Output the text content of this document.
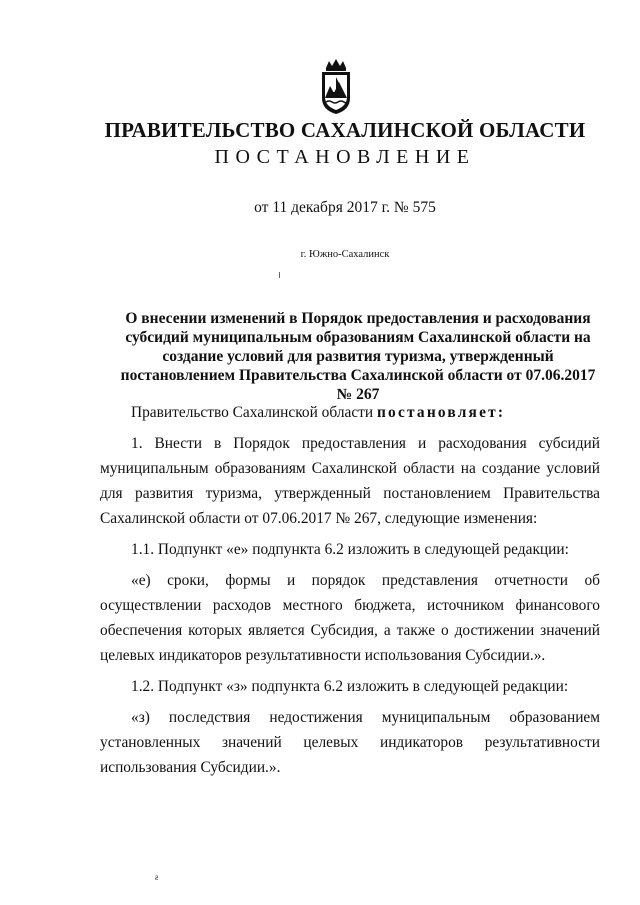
ПРАВИТЕЛЬСТВО САХАЛИНСКОЙ ОБЛАСТИ
ПОСТАНОВЛЕНИЕ
от 11 декабря 2017 г. № 575
г. Южно-Сахалинск
О внесении изменений в Порядок предоставления и расходования субсидий муниципальным образованиям Сахалинской области на создание условий для развития туризма, утвержденный постановлением Правительства Сахалинской области от 07.06.2017 № 267

Правительство Сахалинской области постановляет:

1. Внести в Порядок предоставления и расходования субсидий муниципальным образованиям Сахалинской области на создание условий для развития туризма, утвержденный постановлением Правительства Сахалинской области от 07.06.2017 № 267, следующие изменения:

1.1. Подпункт «е» подпункта 6.2 изложить в следующей редакции:

«е) сроки, формы и порядок представления отчетности об осуществлении расходов местного бюджета, источником финансового обеспечения которых является Субсидия, а также о достижении значений целевых индикаторов результативности использования Субсидии.».

1.2. Подпункт «з» подпункта 6.2 изложить в следующей редакции:

«з) последствия недостижения муниципальным образованием установленных значений целевых индикаторов результативности использования Субсидии.».

ƨ
